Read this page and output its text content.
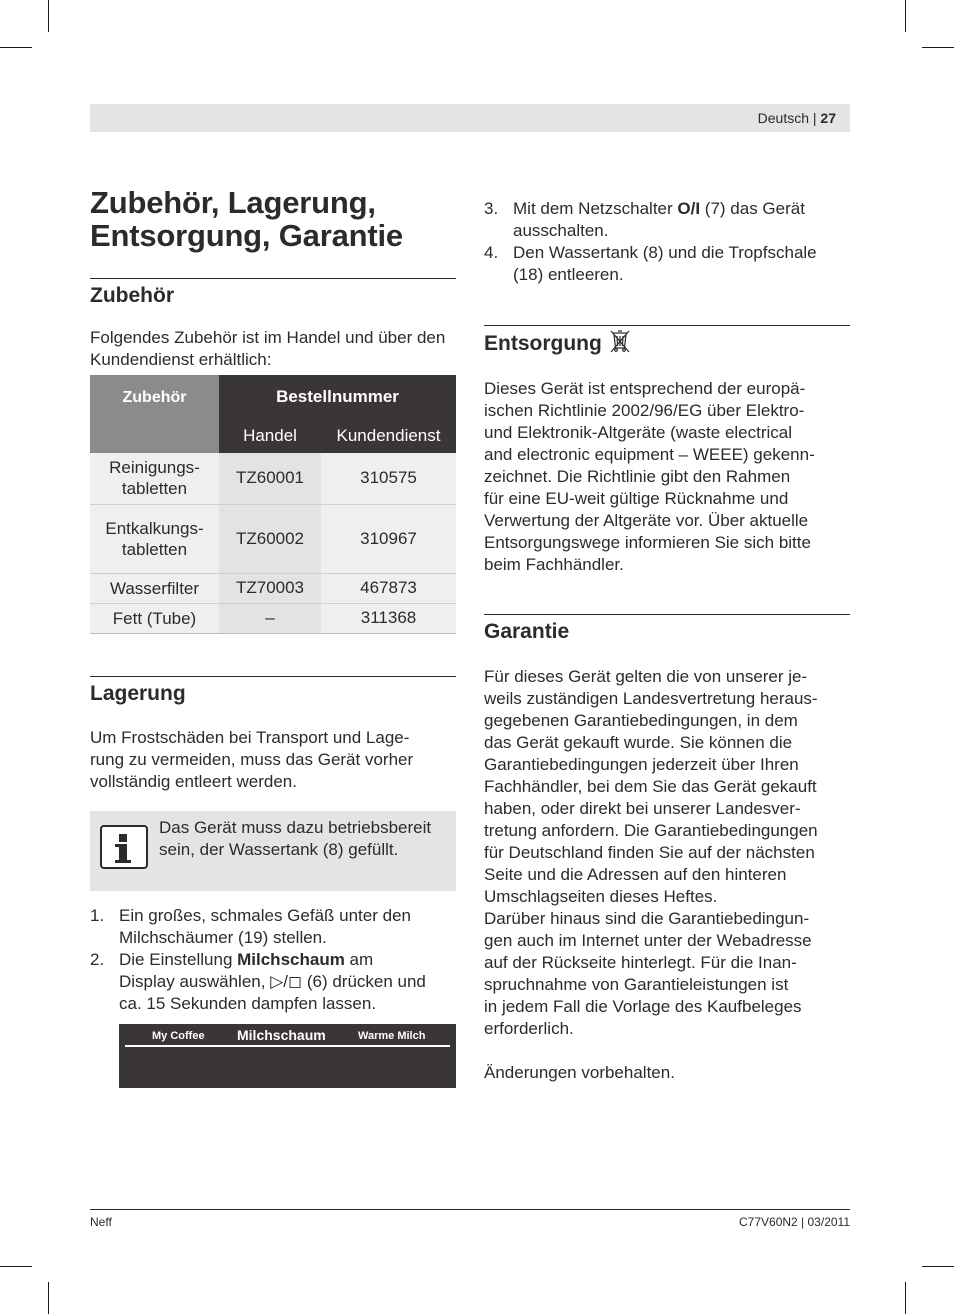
Deutsch | 27
Zubehör, Lagerung,
Entsorgung, Garantie
Zubehör

Folgendes Zubehör ist im Handel und über den Kundendienst erhältlich:

Zubehör	Bestellnummer	
	Handel	Kundendienst
Reinigungs-
tabletten	TZ60001	310575
Entkalkungs-
tabletten	TZ60002	310967
Wasserfilter	TZ70003	467873
Fett (Tube)	–	311368
Lagerung

Um Frostschäden bei Transport und Lage-
rung zu vermeiden, muss das Gerät vorher
vollständig entleert werden.

Das Gerät muss dazu betriebsbereit
sein, der Wassertank (8) gefüllt.
1. Ein großes, schmales Gefäß unter den
Milchschäumer (19) stellen.
2. Die Einstellung Milchschaum am
Display auswählen, ▷/◻ (6) drücken und
ca. 15 Sekunden dampfen lassen.
My Coffee Milchschaum	Warme Milch
3. Mit dem Netzschalter O/I (7) das Gerät
ausschalten.
4. Den Wassertank (8) und die Tropfschale
(18) entleeren.
Entsorgung

Dieses Gerät ist entsprechend der europä-
ischen Richtlinie 2002/96/EG über Elektro-
und Elektronik-Altgeräte (waste electrical
and electronic equipment – WEEE) gekenn-
zeichnet. Die Richtlinie gibt den Rahmen
für eine EU-weit gültige Rücknahme und
Verwertung der Altgeräte vor. Über aktuelle
Entsorgungswege informieren Sie sich bitte
beim Fachhändler.

Garantie

Für dieses Gerät gelten die von unserer je-
weils zuständigen Landesvertretung heraus-
gegebenen Garantiebedingungen, in dem
das Gerät gekauft wurde. Sie können die
Garantiebedingungen jederzeit über Ihren
Fachhändler, bei dem Sie das Gerät gekauft
haben, oder direkt bei unserer Landesver-
tretung anfordern. Die Garantiebedingungen
für Deutschland finden Sie auf der nächsten
Seite und die Adressen auf den hinteren
Umschlagseiten dieses Heftes.

Darüber hinaus sind die Garantiebedingun-
gen auch im Internet unter der Webadresse
auf der Rückseite hinterlegt. Für die Inan-
spruchnahme von Garantieleistungen ist
in jedem Fall die Vorlage des Kaufbeleges
erforderlich.

Änderungen vorbehalten.

Neff	C77V60N2 | 03/2011
